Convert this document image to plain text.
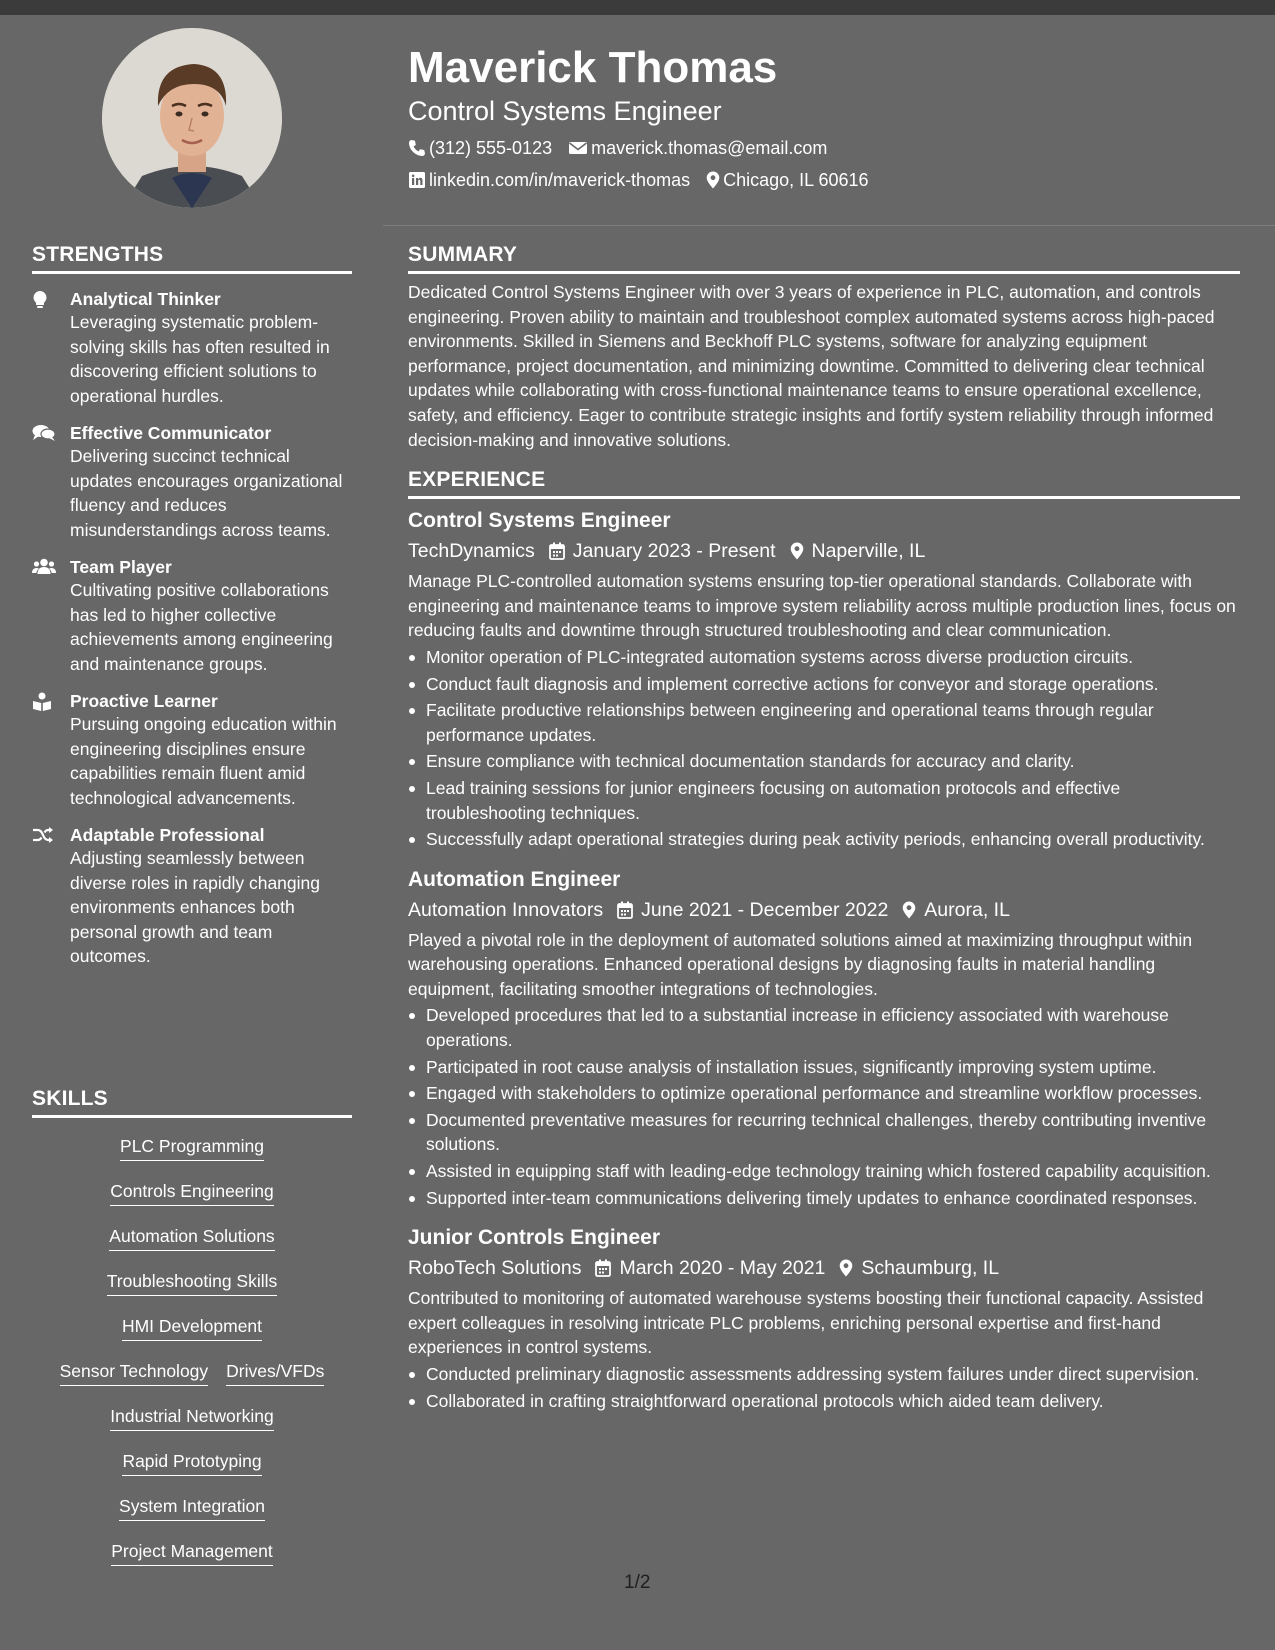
STRENGTHS
Analytical Thinker
Leveraging systematic problem-solving skills has often resulted in discovering efficient solutions to operational hurdles.
Effective Communicator
Delivering succinct technical updates encourages organizational fluency and reduces misunderstandings across teams.
Team Player
Cultivating positive collaborations has led to higher collective achievements among engineering and maintenance groups.
Proactive Learner
Pursuing ongoing education within engineering disciplines ensure capabilities remain fluent amid technological advancements.
Adaptable Professional
Adjusting seamlessly between diverse roles in rapidly changing environments enhances both personal growth and team outcomes.
SKILLS
PLC Programming
Controls Engineering
Automation Solutions
Troubleshooting Skills
HMI Development
Sensor Technology Drives/VFDs
Industrial Networking
Rapid Prototyping
System Integration
Project Management
Maverick Thomas
Control Systems Engineer
(312) 555-0123 maverick.thomas@email.com
linkedin.com/in/maverick-thomas Chicago, IL 60616
SUMMARY
Dedicated Control Systems Engineer with over 3 years of experience in PLC, automation, and controls engineering. Proven ability to maintain and troubleshoot complex automated systems across high-paced environments. Skilled in Siemens and Beckhoff PLC systems, software for analyzing equipment performance, project documentation, and minimizing downtime. Committed to delivering clear technical updates while collaborating with cross-functional maintenance teams to ensure operational excellence, safety, and efficiency. Eager to contribute strategic insights and fortify system reliability through informed decision-making and innovative solutions.
EXPERIENCE
Control Systems Engineer
TechDynamics January 2023 - Present Naperville, IL
Manage PLC-controlled automation systems ensuring top-tier operational standards. Collaborate with engineering and maintenance teams to improve system reliability across multiple production lines, focus on reducing faults and downtime through structured troubleshooting and clear communication.
Monitor operation of PLC-integrated automation systems across diverse production circuits.
Conduct fault diagnosis and implement corrective actions for conveyor and storage operations.
Facilitate productive relationships between engineering and operational teams through regular performance updates.
Ensure compliance with technical documentation standards for accuracy and clarity.
Lead training sessions for junior engineers focusing on automation protocols and effective troubleshooting techniques.
Successfully adapt operational strategies during peak activity periods, enhancing overall productivity.
Automation Engineer
Automation Innovators June 2021 - December 2022 Aurora, IL
Played a pivotal role in the deployment of automated solutions aimed at maximizing throughput within warehousing operations. Enhanced operational designs by diagnosing faults in material handling equipment, facilitating smoother integrations of technologies.
Developed procedures that led to a substantial increase in efficiency associated with warehouse operations.
Participated in root cause analysis of installation issues, significantly improving system uptime.
Engaged with stakeholders to optimize operational performance and streamline workflow processes.
Documented preventative measures for recurring technical challenges, thereby contributing inventive solutions.
Assisted in equipping staff with leading-edge technology training which fostered capability acquisition.
Supported inter-team communications delivering timely updates to enhance coordinated responses.
Junior Controls Engineer
RoboTech Solutions March 2020 - May 2021 Schaumburg, IL
Contributed to monitoring of automated warehouse systems boosting their functional capacity. Assisted expert colleagues in resolving intricate PLC problems, enriching personal expertise and first-hand experiences in control systems.
Conducted preliminary diagnostic assessments addressing system failures under direct supervision.
Collaborated in crafting straightforward operational protocols which aided team delivery.
1/2
